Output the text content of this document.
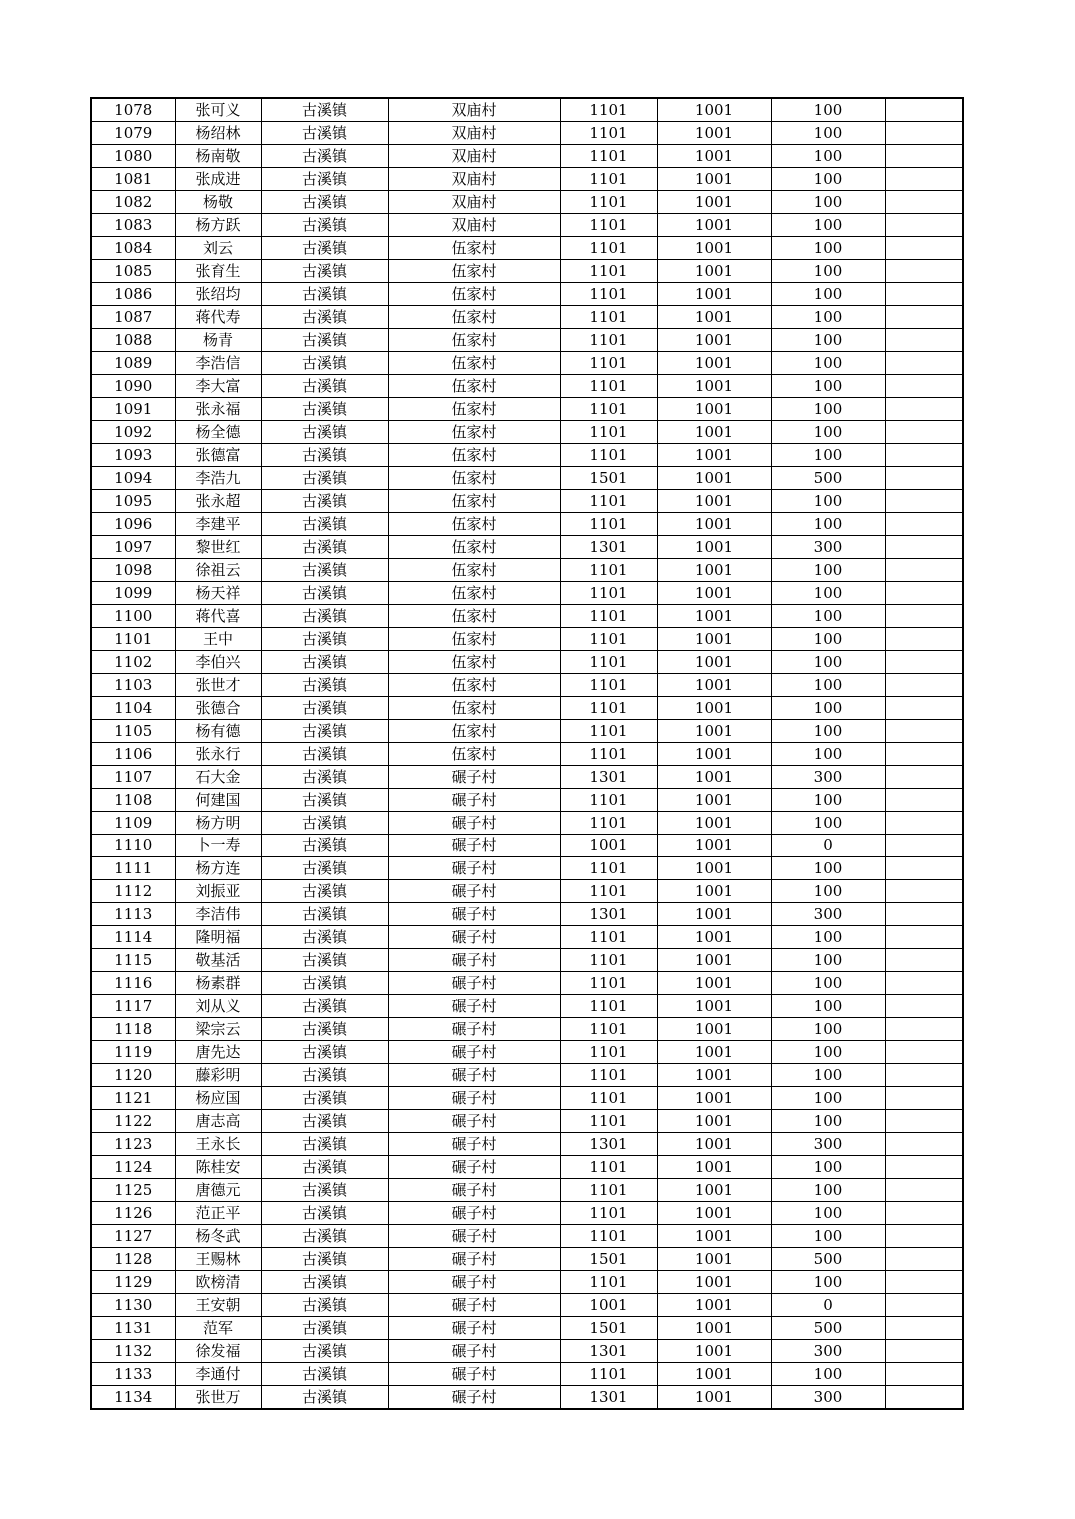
1078	张可义	古溪镇	双庙村	1101	1001	100	
1079	杨绍林	古溪镇	双庙村	1101	1001	100	
1080	杨南敬	古溪镇	双庙村	1101	1001	100	
1081	张成进	古溪镇	双庙村	1101	1001	100	
1082	杨敬	古溪镇	双庙村	1101	1001	100	
1083	杨方跃	古溪镇	双庙村	1101	1001	100	
1084	刘云	古溪镇	伍家村	1101	1001	100	
1085	张育生	古溪镇	伍家村	1101	1001	100	
1086	张绍均	古溪镇	伍家村	1101	1001	100	
1087	蒋代寿	古溪镇	伍家村	1101	1001	100	
1088	杨青	古溪镇	伍家村	1101	1001	100	
1089	李浩信	古溪镇	伍家村	1101	1001	100	
1090	李大富	古溪镇	伍家村	1101	1001	100	
1091	张永福	古溪镇	伍家村	1101	1001	100	
1092	杨全德	古溪镇	伍家村	1101	1001	100	
1093	张德富	古溪镇	伍家村	1101	1001	100	
1094	李浩九	古溪镇	伍家村	1501	1001	500	
1095	张永超	古溪镇	伍家村	1101	1001	100	
1096	李建平	古溪镇	伍家村	1101	1001	100	
1097	黎世红	古溪镇	伍家村	1301	1001	300	
1098	徐祖云	古溪镇	伍家村	1101	1001	100	
1099	杨天祥	古溪镇	伍家村	1101	1001	100	
1100	蒋代喜	古溪镇	伍家村	1101	1001	100	
1101	王中	古溪镇	伍家村	1101	1001	100	
1102	李伯兴	古溪镇	伍家村	1101	1001	100	
1103	张世才	古溪镇	伍家村	1101	1001	100	
1104	张德合	古溪镇	伍家村	1101	1001	100	
1105	杨有德	古溪镇	伍家村	1101	1001	100	
1106	张永行	古溪镇	伍家村	1101	1001	100	
1107	石大金	古溪镇	碾子村	1301	1001	300	
1108	何建国	古溪镇	碾子村	1101	1001	100	
1109	杨方明	古溪镇	碾子村	1101	1001	100	
1110	卜一寿	古溪镇	碾子村	1001	1001	0	
1111	杨方连	古溪镇	碾子村	1101	1001	100	
1112	刘振亚	古溪镇	碾子村	1101	1001	100	
1113	李洁伟	古溪镇	碾子村	1301	1001	300	
1114	隆明福	古溪镇	碾子村	1101	1001	100	
1115	敬基活	古溪镇	碾子村	1101	1001	100	
1116	杨素群	古溪镇	碾子村	1101	1001	100	
1117	刘从义	古溪镇	碾子村	1101	1001	100	
1118	梁宗云	古溪镇	碾子村	1101	1001	100	
1119	唐先达	古溪镇	碾子村	1101	1001	100	
1120	藤彩明	古溪镇	碾子村	1101	1001	100	
1121	杨应国	古溪镇	碾子村	1101	1001	100	
1122	唐志高	古溪镇	碾子村	1101	1001	100	
1123	王永长	古溪镇	碾子村	1301	1001	300	
1124	陈桂安	古溪镇	碾子村	1101	1001	100	
1125	唐德元	古溪镇	碾子村	1101	1001	100	
1126	范正平	古溪镇	碾子村	1101	1001	100	
1127	杨冬武	古溪镇	碾子村	1101	1001	100	
1128	王赐林	古溪镇	碾子村	1501	1001	500	
1129	欧榜清	古溪镇	碾子村	1101	1001	100	
1130	王安朝	古溪镇	碾子村	1001	1001	0	
1131	范军	古溪镇	碾子村	1501	1001	500	
1132	徐发福	古溪镇	碾子村	1301	1001	300	
1133	李通付	古溪镇	碾子村	1101	1001	100	
1134	张世万	古溪镇	碾子村	1301	1001	300	
